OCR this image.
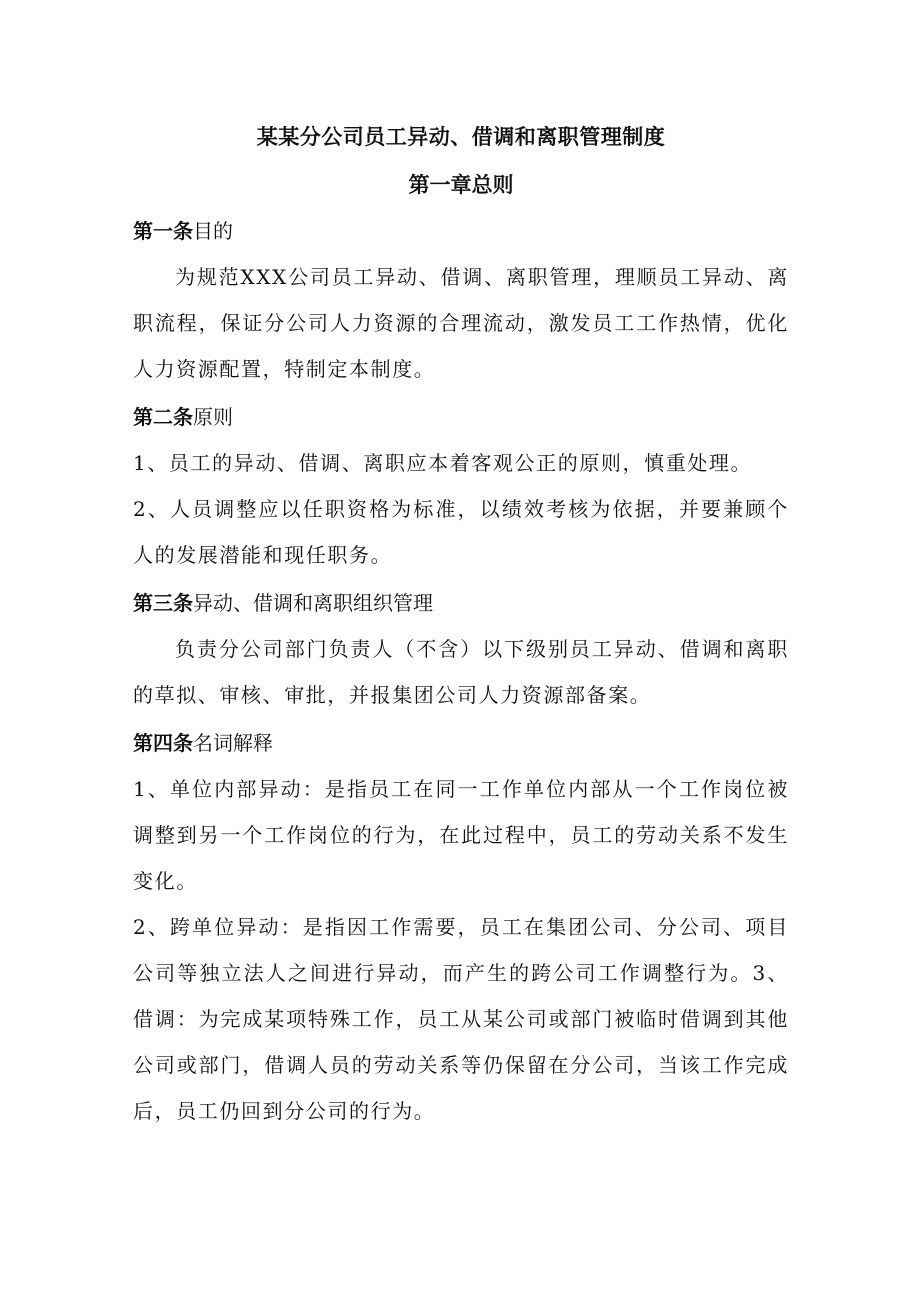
某某分公司员工异动、借调和离职管理制度
第一章总则
第一条目的

为规范XXX公司员工异动、借调、离职管理，理顺员工异动、离职流程，保证分公司人力资源的合理流动，激发员工工作热情，优化人力资源配置，特制定本制度。

第二条原则

1、员工的异动、借调、离职应本着客观公正的原则，慎重处理。

2、人员调整应以任职资格为标准，以绩效考核为依据，并要兼顾个人的发展潜能和现任职务。

第三条异动、借调和离职组织管理

负责分公司部门负责人（不含）以下级别员工异动、借调和离职的草拟、审核、审批，并报集团公司人力资源部备案。

第四条名词解释

1、单位内部异动：是指员工在同一工作单位内部从一个工作岗位被调整到另一个工作岗位的行为，在此过程中，员工的劳动关系不发生变化。

2、跨单位异动：是指因工作需要，员工在集团公司、分公司、项目公司等独立法人之间进行异动，而产生的跨公司工作调整行为。3、借调：为完成某项特殊工作，员工从某公司或部门被临时借调到其他公司或部门，借调人员的劳动关系等仍保留在分公司，当该工作完成后，员工仍回到分公司的行为。
